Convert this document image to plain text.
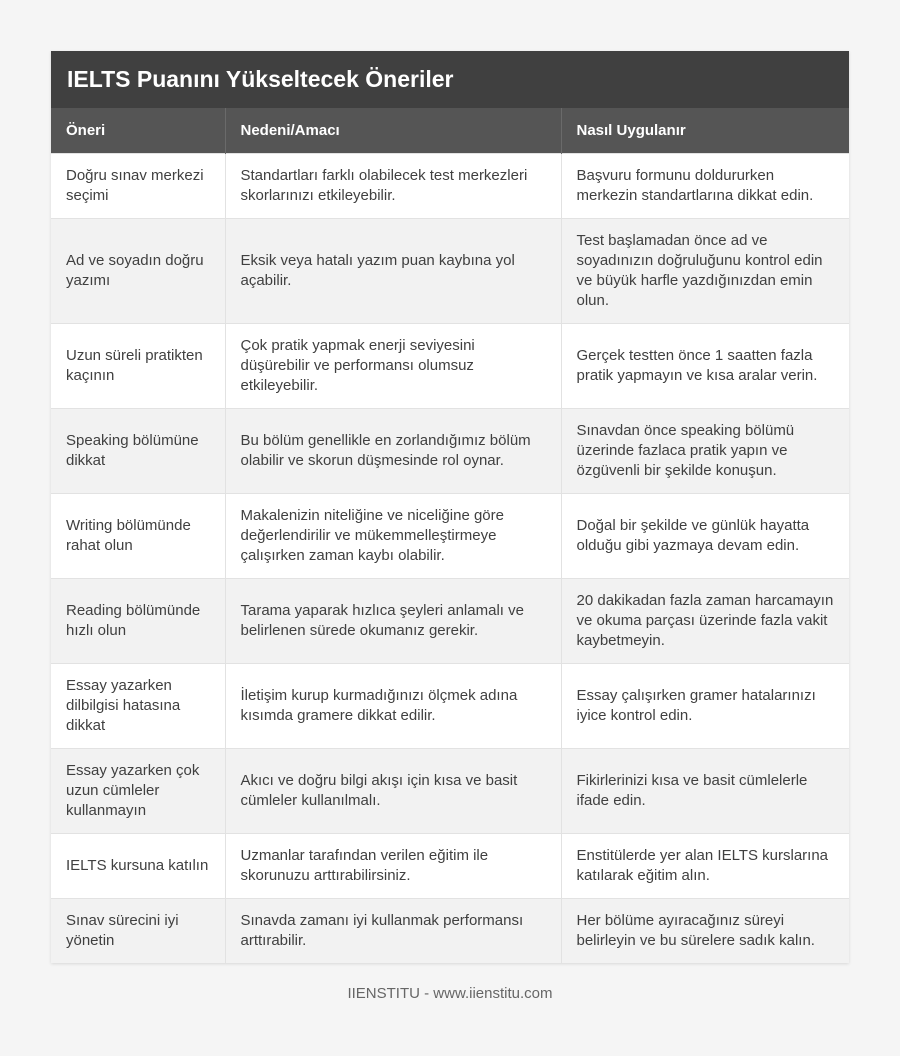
IELTS Puanını Yükseltecek Öneriler
Öneri	Nedeni/Amacı	Nasıl Uygulanır
Doğru sınav merkezi seçimi	Standartları farklı olabilecek test merkezleri skorlarınızı etkileyebilir.	Başvuru formunu doldururken merkezin standartlarına dikkat edin.
Ad ve soyadın doğru yazımı	Eksik veya hatalı yazım puan kaybına yol açabilir.	Test başlamadan önce ad ve soyadınızın doğruluğunu kontrol edin ve büyük harfle yazdığınızdan emin olun.
Uzun süreli pratikten kaçının	Çok pratik yapmak enerji seviyesini düşürebilir ve performansı olumsuz etkileyebilir.	Gerçek testten önce 1 saatten fazla pratik yapmayın ve kısa aralar verin.
Speaking bölümüne dikkat	Bu bölüm genellikle en zorlandığımız bölüm olabilir ve skorun düşmesinde rol oynar.	Sınavdan önce speaking bölümü üzerinde fazlaca pratik yapın ve özgüvenli bir şekilde konuşun.
Writing bölümünde rahat olun	Makalenizin niteliğine ve niceliğine göre değerlendirilir ve mükemmelleştirmeye çalışırken zaman kaybı olabilir.	Doğal bir şekilde ve günlük hayatta olduğu gibi yazmaya devam edin.
Reading bölümünde hızlı olun	Tarama yaparak hızlıca şeyleri anlamalı ve belirlenen sürede okumanız gerekir.	20 dakikadan fazla zaman harcamayın ve okuma parçası üzerinde fazla vakit kaybetmeyin.
Essay yazarken dilbilgisi hatasına dikkat	İletişim kurup kurmadığınızı ölçmek adına kısımda gramere dikkat edilir.	Essay çalışırken gramer hatalarınızı iyice kontrol edin.
Essay yazarken çok uzun cümleler kullanmayın	Akıcı ve doğru bilgi akışı için kısa ve basit cümleler kullanılmalı.	Fikirlerinizi kısa ve basit cümlelerle ifade edin.
IELTS kursuna katılın	Uzmanlar tarafından verilen eğitim ile skorunuzu arttırabilirsiniz.	Enstitülerde yer alan IELTS kurslarına katılarak eğitim alın.
Sınav sürecini iyi yönetin	Sınavda zamanı iyi kullanmak performansı arttırabilir.	Her bölüme ayıracağınız süreyi belirleyin ve bu sürelere sadık kalın.
IIENSTITU - www.iienstitu.com
